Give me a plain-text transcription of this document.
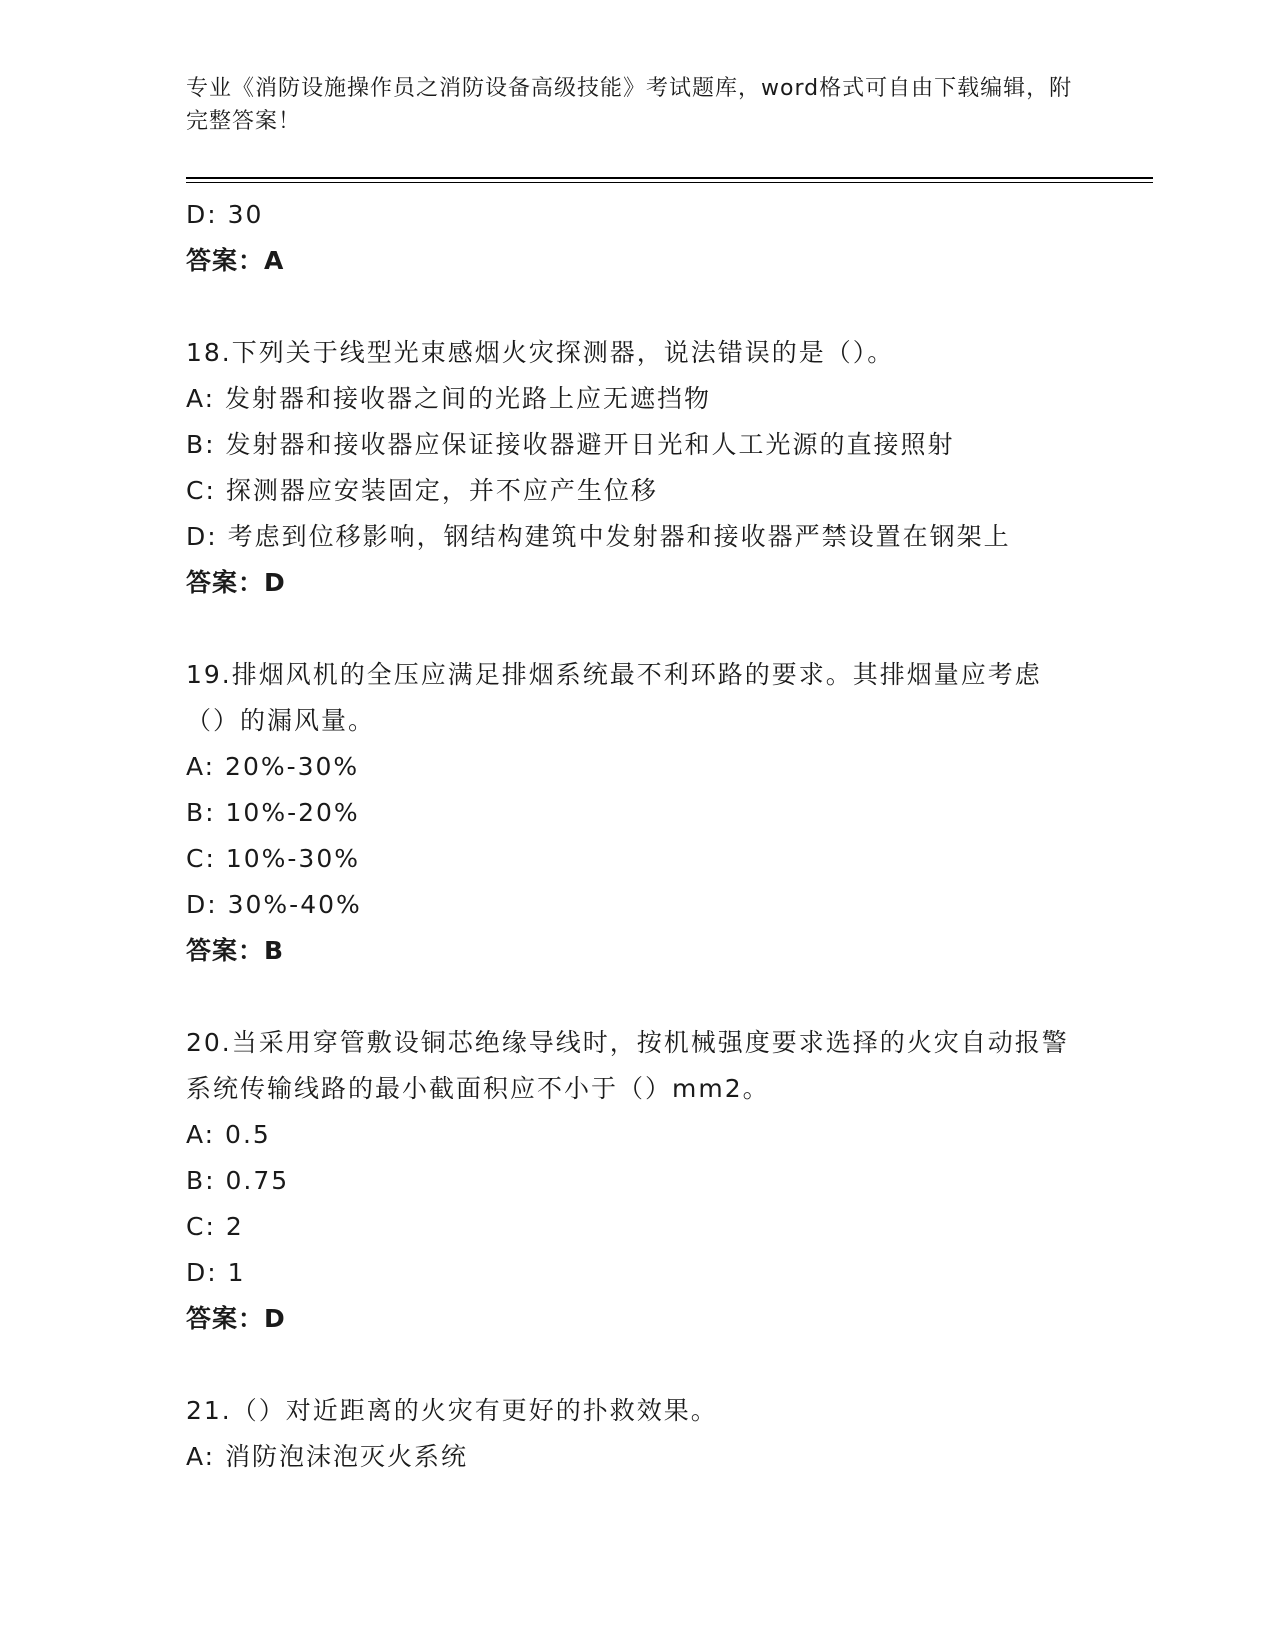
专业《消防设施操作员之消防设备高级技能》考试题库，word格式可自由下载编辑，附完整答案！
D: 30
答案：A
18.下列关于线型光束感烟火灾探测器，说法错误的是（）。
A: 发射器和接收器之间的光路上应无遮挡物
B: 发射器和接收器应保证接收器避开日光和人工光源的直接照射
C: 探测器应安装固定，并不应产生位移
D: 考虑到位移影响，钢结构建筑中发射器和接收器严禁设置在钢架上
答案：D
19.排烟风机的全压应满足排烟系统最不利环路的要求。其排烟量应考虑（）的漏风量。
A: 20%-30%
B: 10%-20%
C: 10%-30%
D: 30%-40%
答案：B
20.当采用穿管敷设铜芯绝缘导线时，按机械强度要求选择的火灾自动报警系统传输线路的最小截面积应不小于（）mm2。
A: 0.5
B: 0.75
C: 2
D: 1
答案：D
21.（）对近距离的火灾有更好的扑救效果。
A: 消防泡沫泡灭火系统
